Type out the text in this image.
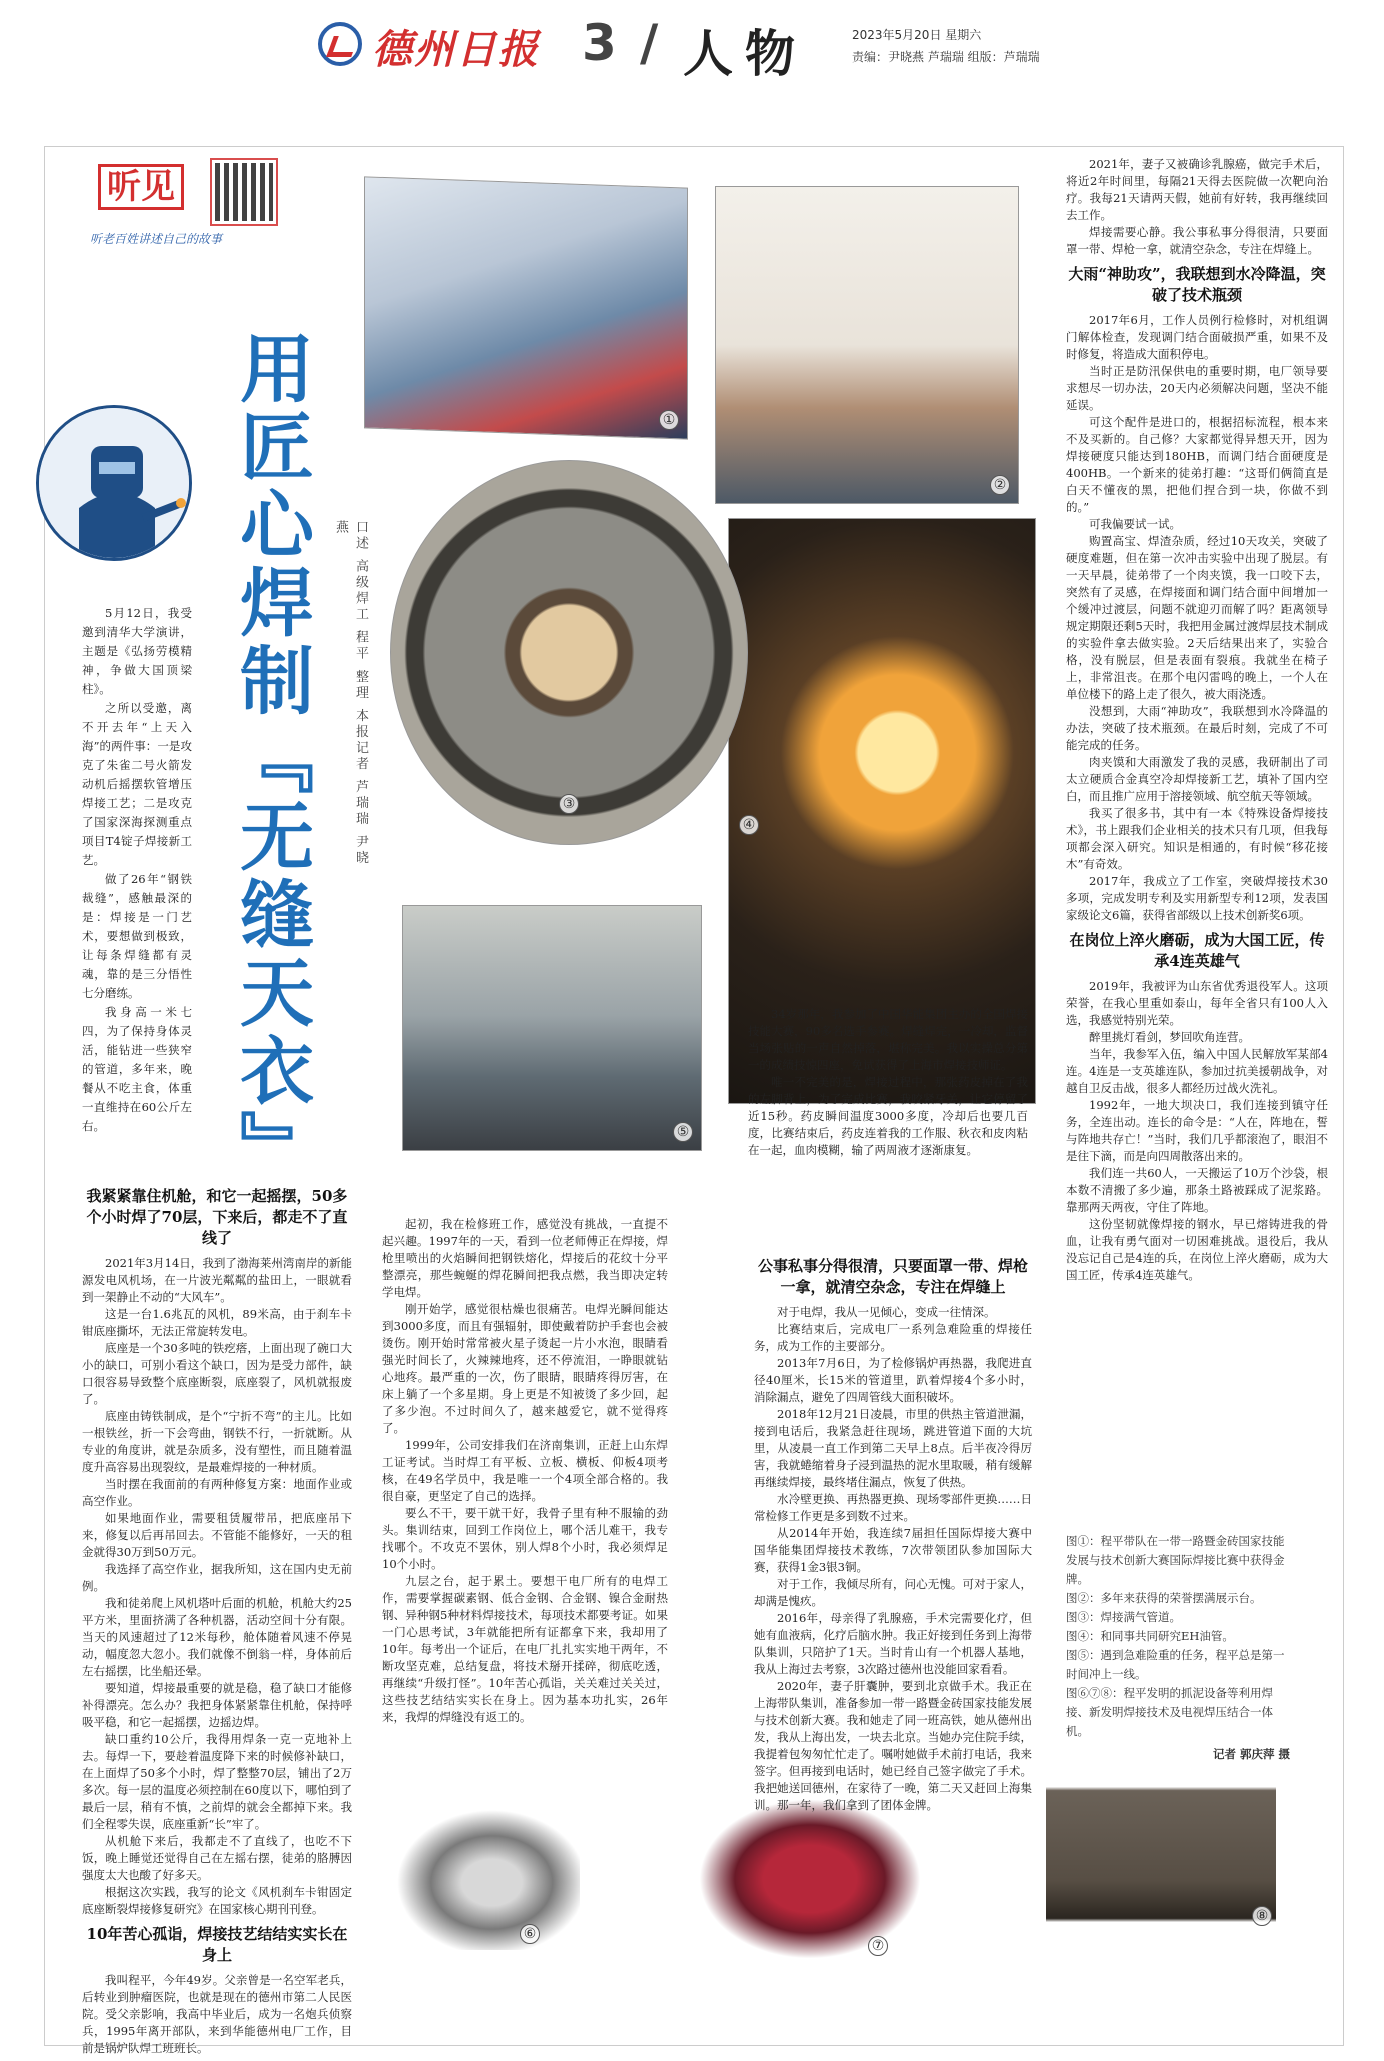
德州日报 3 / 人物	2023年5月20日 星期六
责编：尹晓燕 芦瑞瑞 组版：芦瑞瑞
听见
听老百姓讲述自己的故事
用匠心焊制『无缝天衣』	口述 高级焊工 程平 整理 本报记者 芦瑞瑞 尹晓燕
①
②
④
③
⑤
⑥
⑦
⑧

5月12日，我受邀到清华大学演讲，主题是《弘扬劳模精神，争做大国顶梁柱》。

之所以受邀，离不开去年“上天入海”的两件事：一是攻克了朱雀二号火箭发动机后摇摆软管增压焊接工艺；二是攻克了国家深海探测重点项目T4锭子焊接新工艺。

做了26年“钢铁裁缝”，感触最深的是：焊接是一门艺术，要想做到极致，让每条焊缝都有灵魂，靠的是三分悟性七分磨练。

我身高一米七四，为了保持身体灵活，能钻进一些狭窄的管道，多年来，晚餐从不吃主食，体重一直维持在60公斤左右。

我紧紧靠住机舱，和它一起摇摆，50多个小时焊了70层，下来后，都走不了直线了

2021年3月14日，我到了渤海莱州湾南岸的新能源发电风机场，在一片波光粼粼的盐田上，一眼就看到一架静止不动的“大风车”。

这是一台1.6兆瓦的风机，89米高，由于刹车卡钳底座撕坏，无法正常旋转发电。

底座是一个30多吨的铁疙瘩，上面出现了碗口大小的缺口，可别小看这个缺口，因为是受力部件，缺口很容易导致整个底座断裂，底座裂了，风机就报废了。

底座由铸铁制成，是个“宁折不弯”的主儿。比如一根铁丝，折一下会弯曲，钢铁不行，一折就断。从专业的角度讲，就是杂质多，没有塑性，而且随着温度升高容易出现裂纹，是最难焊接的一种材质。

当时摆在我面前的有两种修复方案：地面作业或高空作业。

如果地面作业，需要租赁履带吊，把底座吊下来，修复以后再吊回去。不管能不能修好，一天的租金就得30万到50万元。

我选择了高空作业，据我所知，这在国内史无前例。

我和徒弟爬上风机塔叶后面的机舱，机舱大约25平方米，里面挤满了各种机器，活动空间十分有限。当天的风速超过了12米每秒，舱体随着风速不停晃动，幅度忽大忽小。我们就像不倒翁一样，身体前后左右摇摆，比坐船还晕。

要知道，焊接最重要的就是稳，稳了缺口才能修补得漂亮。怎么办？我把身体紧紧靠住机舱，保持呼吸平稳，和它一起摇摆，边摇边焊。

缺口重约10公斤，我得用焊条一克一克地补上去。每焊一下，要趁着温度降下来的时候修补缺口，在上面焊了50多个小时，焊了整整70层，铺出了2万多次。每一层的温度必须控制在60度以下，哪怕到了最后一层，稍有不慎，之前焊的就会全都掉下来。我们全程零失误，底座重新“长”牢了。

从机舱下来后，我都走不了直线了，也吃不下饭，晚上睡觉还觉得自己在左摇右摆，徒弟的胳膊因强度太大也酸了好多天。

根据这次实践，我写的论文《风机刹车卡钳固定底座断裂焊接修复研究》在国家核心期刊刊登。

10年苦心孤诣，焊接技艺结结实实长在身上

我叫程平，今年49岁。父亲曾是一名空军老兵，后转业到肿瘤医院，也就是现在的德州市第二人民医院。受父亲影响，我高中毕业后，成为一名炮兵侦察兵，1995年离开部队，来到华能德州电厂工作，目前是锅炉队焊工班班长。

起初，我在检修班工作，感觉没有挑战，一直提不起兴趣。1997年的一天，看到一位老师傅正在焊接，焊枪里喷出的火焰瞬间把钢铁熔化，焊接后的花纹十分平整漂亮，那些蜿蜒的焊花瞬间把我点燃，我当即决定转学电焊。

刚开始学，感觉很枯燥也很痛苦。电焊光瞬间能达到3000多度，而且有强辐射，即使戴着防护手套也会被烫伤。刚开始时常常被火星子烫起一片小水泡，眼睛看强光时间长了，火辣辣地疼，还不停流泪，一睁眼就钻心地疼。最严重的一次，伤了眼睛，眼睛疼得厉害，在床上躺了一个多星期。身上更是不知被烫了多少回，起了多少泡。不过时间久了，越来越爱它，就不觉得疼了。

1999年，公司安排我们在济南集训，正赶上山东焊工证考试。当时焊工有平板、立板、横板、仰板4项考核，在49名学员中，我是唯一一个4项全部合格的。我很自豪，更坚定了自己的选择。

要么不干，要干就干好，我骨子里有种不服输的劲头。集训结束，回到工作岗位上，哪个活儿难干，我专找哪个。不攻克不罢休，别人焊8个小时，我必须焊足10个小时。

九层之台，起于累土。要想干电厂所有的电焊工作，需要掌握碳素钢、低合金钢、合金钢、镍合金耐热钢、异种钢5种材料焊接技术，每项技术都要考证。如果一门心思考试，3年就能把所有证都拿下来，我却用了10年。每考出一个证后，在电厂扎扎实实地干两年，不断攻坚克难，总结复盘，将技术掰开揉碎，彻底吃透，再继续“升级打怪”。10年苦心孤诣，关关难过关关过，这些技艺结结实实长在身上。因为基本功扎实，26年来，我焊的焊缝没有返工的。

34岁那年，我参加了中国华能集团主办的全国焊接技能大赛，90多名选手参赛。焊缝焊完，一冷却，监督当场张贴的一声自然掉落，堪称完美。我以实操总分第一的成绩技惊四座，免试获得了上海市焊接技师证。

唯一不完美的是，焊接过程中，那张药皮掉在了我的左脚背上，为了完成比赛，我咬紧牙关，让它停留了近15秒。药皮瞬间温度3000多度，冷却后也要几百度，比赛结束后，药皮连着我的工作服、秋衣和皮肉粘在一起，血肉模糊，输了两周液才逐渐康复。

公事私事分得很清，只要面罩一带、焊枪一拿，就清空杂念，专注在焊缝上

对于电焊，我从一见倾心，变成一往情深。

比赛结束后，完成电厂一系列急难险重的焊接任务，成为工作的主要部分。

2013年7月6日，为了检修锅炉再热器，我爬进直径40厘米，长15米的管道里，趴着焊接4个多小时，消除漏点，避免了四周管线大面积破坏。

2018年12月21日凌晨，市里的供热主管道泄漏，接到电话后，我紧急赶往现场，跳进管道下面的大坑里，从凌晨一直工作到第二天早上8点。后半夜冷得厉害，我就蜷缩着身子浸到温热的泥水里取暖，稍有缓解再继续焊接，最终堵住漏点，恢复了供热。

水冷壁更换、再热器更换、现场零部件更换……日常检修工作更是多到数不过来。

从2014年开始，我连续7届担任国际焊接大赛中国华能集团焊接技术教练，7次带领团队参加国际大赛，获得1金3银3铜。

对于工作，我倾尽所有，问心无愧。可对于家人，却满是愧疚。

2016年，母亲得了乳腺癌，手术完需要化疗，但她有血液病，化疗后脑水肿。我正好接到任务到上海带队集训，只陪护了1天。当时肯山有一个机器人基地，我从上海过去考察，3次路过德州也没能回家看看。

2020年，妻子肝囊肿，要到北京做手术。我正在上海带队集训，准备参加一带一路暨金砖国家技能发展与技术创新大赛。我和她走了同一班高铁，她从德州出发，我从上海出发，一块去北京。当她办完住院手续，我提着包匆匆忙忙走了。嘱咐她做手术前打电话，我来签字。但再接到电话时，她已经自己签字做完了手术。我把她送回德州，在家待了一晚，第二天又赶回上海集训。那一年，我们拿到了团体金牌。

2021年，妻子又被确诊乳腺癌，做完手术后，将近2年时间里，每隔21天得去医院做一次靶向治疗。我每21天请两天假，她前有好转，我再继续回去工作。

焊接需要心静。我公事私事分得很清，只要面罩一带、焊枪一拿，就清空杂念，专注在焊缝上。

大雨“神助攻”，我联想到水冷降温，突破了技术瓶颈

2017年6月，工作人员例行检修时，对机组调门解体检查，发现调门结合面破损严重，如果不及时修复，将造成大面积停电。

当时正是防汛保供电的重要时期，电厂领导要求想尽一切办法，20天内必须解决问题，坚决不能延误。

可这个配件是进口的，根据招标流程，根本来不及买新的。自己修？大家都觉得异想天开，因为焊接硬度只能达到180HB，而调门结合面硬度是400HB。一个新来的徒弟打趣：“这哥们俩简直是白天不懂夜的黑，把他们捏合到一块，你做不到的。”

可我偏要试一试。

购置高宝、焊渣杂质，经过10天攻关，突破了硬度难题，但在第一次冲击实验中出现了脱层。有一天早晨，徒弟带了一个肉夹馍，我一口咬下去，突然有了灵感，在焊接面和调门结合面中间增加一个缓冲过渡层，问题不就迎刃而解了吗？距离领导规定期限还剩5天时，我把用金属过渡焊层技术制成的实验件拿去做实验。2天后结果出来了，实验合格，没有脱层，但是表面有裂痕。我就坐在椅子上，非常沮丧。在那个电闪雷鸣的晚上，一个人在单位楼下的路上走了很久，被大雨浇透。

没想到，大雨“神助攻”，我联想到水冷降温的办法，突破了技术瓶颈。在最后时刻，完成了不可能完成的任务。

肉夹馍和大雨激发了我的灵感，我研制出了司太立硬质合金真空冷却焊接新工艺，填补了国内空白，而且推广应用于溶接领域、航空航天等领域。

我买了很多书，其中有一本《特殊设备焊接技术》，书上跟我们企业相关的技术只有几项，但我每项都会深入研究。知识是相通的，有时候“移花接木”有奇效。

2017年，我成立了工作室，突破焊接技术30多项，完成发明专利及实用新型专利12项，发表国家级论文6篇，获得省部级以上技术创新奖6项。

在岗位上淬火磨砺，成为大国工匠，传承4连英雄气

2019年，我被评为山东省优秀退役军人。这项荣誉，在我心里重如泰山，每年全省只有100人入选，我感觉特别光荣。

醉里挑灯看剑，梦回吹角连营。

当年，我参军入伍，编入中国人民解放军某部4连。4连是一支英雄连队，参加过抗美援朝战争，对越自卫反击战，很多人都经历过战火洗礼。

1992年，一地大坝决口，我们连接到镇守任务，全连出动。连长的命令是：“人在，阵地在，誓与阵地共存亡！”当时，我们几乎都滚泡了，眼泪不是往下滴，而是向四周散落出来的。

我们连一共60人，一天搬运了10万个沙袋，根本数不清搬了多少遍，那条土路被踩成了泥浆路。靠那两天两夜，守住了阵地。

这份坚韧就像焊接的钢水，早已熔铸进我的骨血，让我有勇气面对一切困难挑战。退役后，我从没忘记自己是4连的兵，在岗位上淬火磨砺，成为大国工匠，传承4连英雄气。

图①：程平带队在一带一路暨金砖国家技能发展与技术创新大赛国际焊接比赛中获得金牌。

图②：多年来获得的荣誉摆满展示台。

图③：焊接满气管道。

图④：和同事共同研究EH油管。

图⑤：遇到急难险重的任务，程平总是第一时间冲上一线。

图⑥⑦⑧：程平发明的抓泥设备等利用焊接、新发明焊接技术及电视焊压结合一体机。

记者 郭庆萍 摄
